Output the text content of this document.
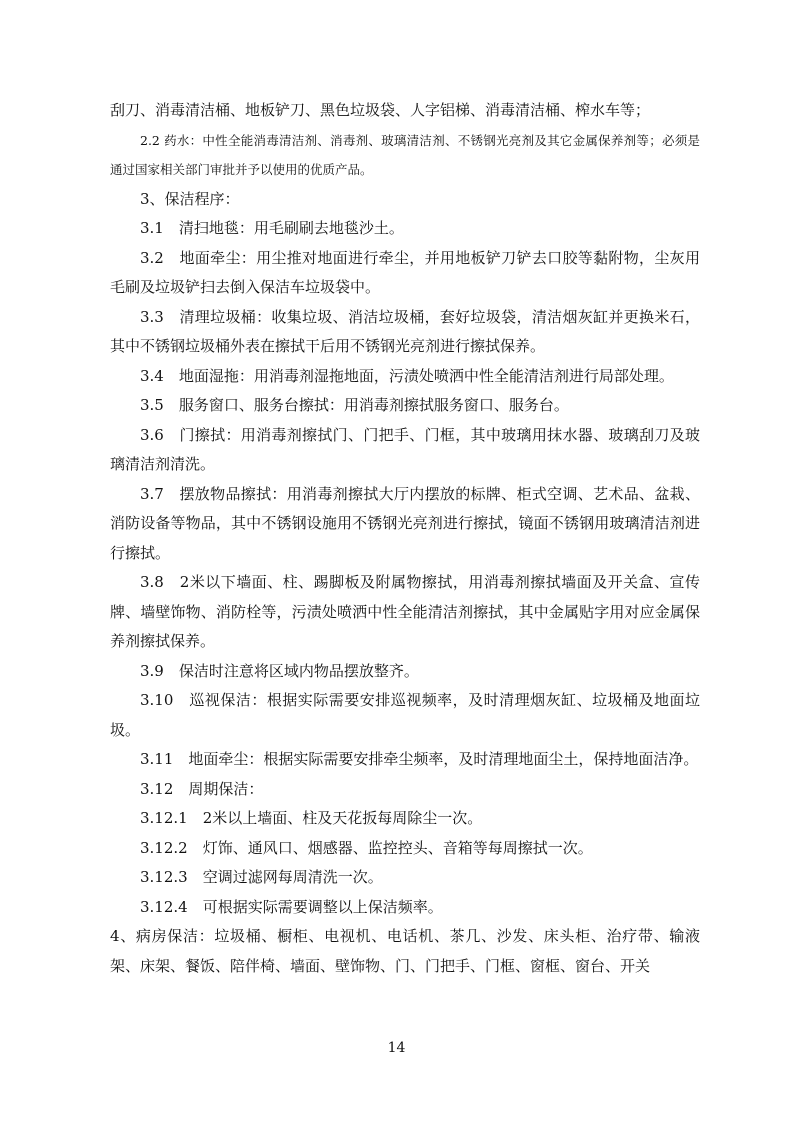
刮刀、消毒清洁桶、地板铲刀、黑色垃圾袋、人字铝梯、消毒清洁桶、榨水车等；

2.2 药水：中性全能消毒清洁剂、消毒剂、玻璃清洁剂、不锈钢光亮剂及其它金属保养剂等；必须是通过国家相关部门审批并予以使用的优质产品。

3、保洁程序：

3.1　清扫地毯：用毛刷刷去地毯沙土。

3.2　地面牵尘：用尘推对地面进行牵尘，并用地板铲刀铲去口胶等黏附物，尘灰用毛刷及垃圾铲扫去倒入保洁车垃圾袋中。

3.3　清理垃圾桶：收集垃圾、消洁垃圾桶，套好垃圾袋，清洁烟灰缸并更换米石，其中不锈钢垃圾桶外表在擦拭干后用不锈钢光亮剂进行擦拭保养。

3.4　地面湿拖：用消毒剂湿拖地面，污渍处喷洒中性全能清洁剂进行局部处理。

3.5　服务窗口、服务台擦拭：用消毒剂擦拭服务窗口、服务台。

3.6　门擦拭：用消毒剂擦拭门、门把手、门框，其中玻璃用抹水器、玻璃刮刀及玻璃清洁剂清洗。

3.7　摆放物品擦拭：用消毒剂擦拭大厅内摆放的标牌、柜式空调、艺术品、盆栽、消防设备等物品，其中不锈钢设施用不锈钢光亮剂进行擦拭，镜面不锈钢用玻璃清洁剂进行擦拭。

3.8　2米以下墙面、柱、踢脚板及附属物擦拭，用消毒剂擦拭墙面及开关盒、宣传牌、墙壁饰物、消防栓等，污渍处喷洒中性全能清洁剂擦拭，其中金属贴字用对应金属保养剂擦拭保养。

3.9　保洁时注意将区域内物品摆放整齐。

3.10　巡视保洁：根据实际需要安排巡视频率，及时清理烟灰缸、垃圾桶及地面垃圾。

3.11　地面牵尘：根据实际需要安排牵尘频率，及时清理地面尘土，保持地面洁净。

3.12　周期保洁：

3.12.1　2米以上墙面、柱及天花扳每周除尘一次。

3.12.2　灯饰、通风口、烟感器、监控控头、音箱等每周擦拭一次。

3.12.3　空调过滤网每周清洗一次。

3.12.4　可根据实际需要调整以上保洁频率。

4、病房保洁：垃圾桶、橱柜、电视机、电话机、茶几、沙发、床头柜、治疗带、输液架、床架、餐饭、陪伴椅、墙面、壁饰物、门、门把手、门框、窗框、窗台、开关

14
